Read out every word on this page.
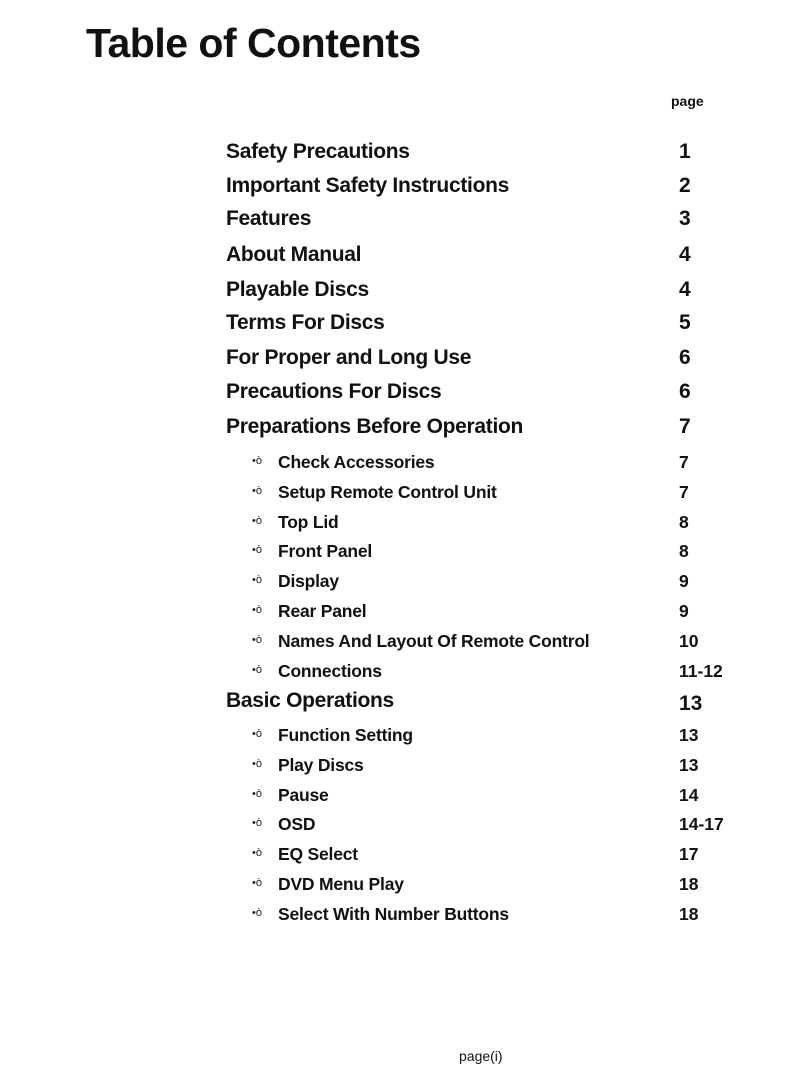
Table of Contents
page
Safety Precautions	1
Important Safety Instructions	2
Features	3
About Manual	4
Playable Discs	4
Terms For Discs	5
For Proper and Long Use	6
Precautions For Discs	6
Preparations Before Operation	7
•ò Check Accessories	7
•ò Setup Remote Control Unit	7
•ò Top Lid	8
•ò Front Panel	8
•ò Display	9
•ò Rear Panel	9
•ò Names And Layout Of Remote Control	10
•ò Connections	11-12
Basic Operations	13
•ò Function Setting	13
•ò Play Discs	13
•ò Pause	14
•ò OSD	14-17
•ò EQ Select	17
•ò DVD Menu Play	18
•ò Select With Number Buttons	18
page(i)
